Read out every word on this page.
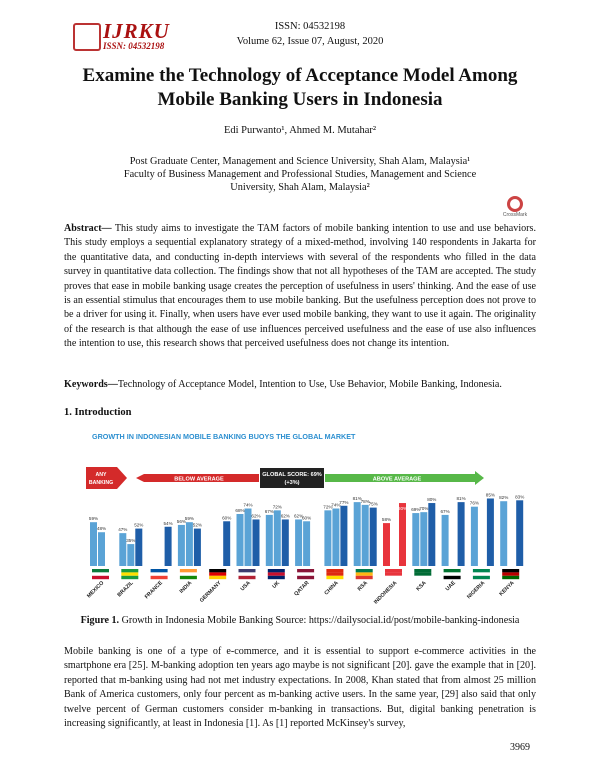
IJRKU
ISSN: 04532198
ISSN: 04532198
Volume 62, Issue 07, August, 2020
Examine the Technology of Acceptance Model Among
Mobile Banking Users in Indonesia
Edi Purwanto¹, Ahmed M. Mutahar²
Post Graduate Center, Management and Science University, Shah Alam, Malaysia¹
Faculty of Business Management and Professional Studies, Management and Science University, Shah Alam, Malaysia²
CrossMark
Abstract— This study aims to investigate the TAM factors of mobile banking intention to use and use behaviors. This study employs a sequential explanatory strategy of a mixed-method, involving 140 respondents in Jakarta for the quantitative data, and conducting in-depth interviews with several of the respondents who filled in the data survey in quantitative data collection. The findings show that not all hypotheses of the TAM are accepted. The study proves that ease in mobile banking usage creates the perception of usefulness in users' thinking. And the ease of use is an essential stimulus that encourages them to use mobile banking. But the usefulness perception does not prove to be a driver for using it. Finally, when users have ever used mobile banking, they want to use it again. The originality of the research is that although the ease of use influences perceived usefulness and the ease of use also influences the intention to use, this research shows that perceived usefulness does not change its intention.
Keywords—Technology of Acceptance Model, Intention to Use, Use Behavior, Mobile Banking, Indonesia.
1. Introduction
GROWTH IN INDONESIAN MOBILE BANKING BUOYS THE GLOBAL MARKET
ANY
BANKING
BELOW AVERAGE
GLOBAL SCORE: 69%
(+3%)
ABOVE AVERAGE
59%
48%	47%
35%
52%	54% 56%
59%
52%
60%
68%
74%
62%
67%
72%
62% 62%
60%
72%
74%
77%
81%
78%
75%
58%
80% 69%
70%
80%
67%
81%
76%
85%
82% 83%
MEXICO BRAZIL FRANCE	INDIA GERMANY	USA	UK QATAR CHINA	RSA INDONESIA	KSA	UAE NIGERIA KENYA
Figure 1. Growth in Indonesia Mobile Banking Source: https://dailysocial.id/post/mobile-banking-indonesia
Mobile banking is one of a type of e-commerce, and it is essential to support e-commerce activities in the smartphone era [25]. M-banking adoption ten years ago maybe is not significant [20]. gave the example that in [20]. reported that m-banking using had not met industry expectations. In 2008, Khan stated that from almost 25 million Bank of America customers, only four percent as m-banking active users. In the same year, [29] also said that only twelve percent of German customers consider m-banking in transactions. But, digital banking penetration is increasing significantly, at least in Indonesia [1]. As [1] reported McKinsey's survey,
3969
